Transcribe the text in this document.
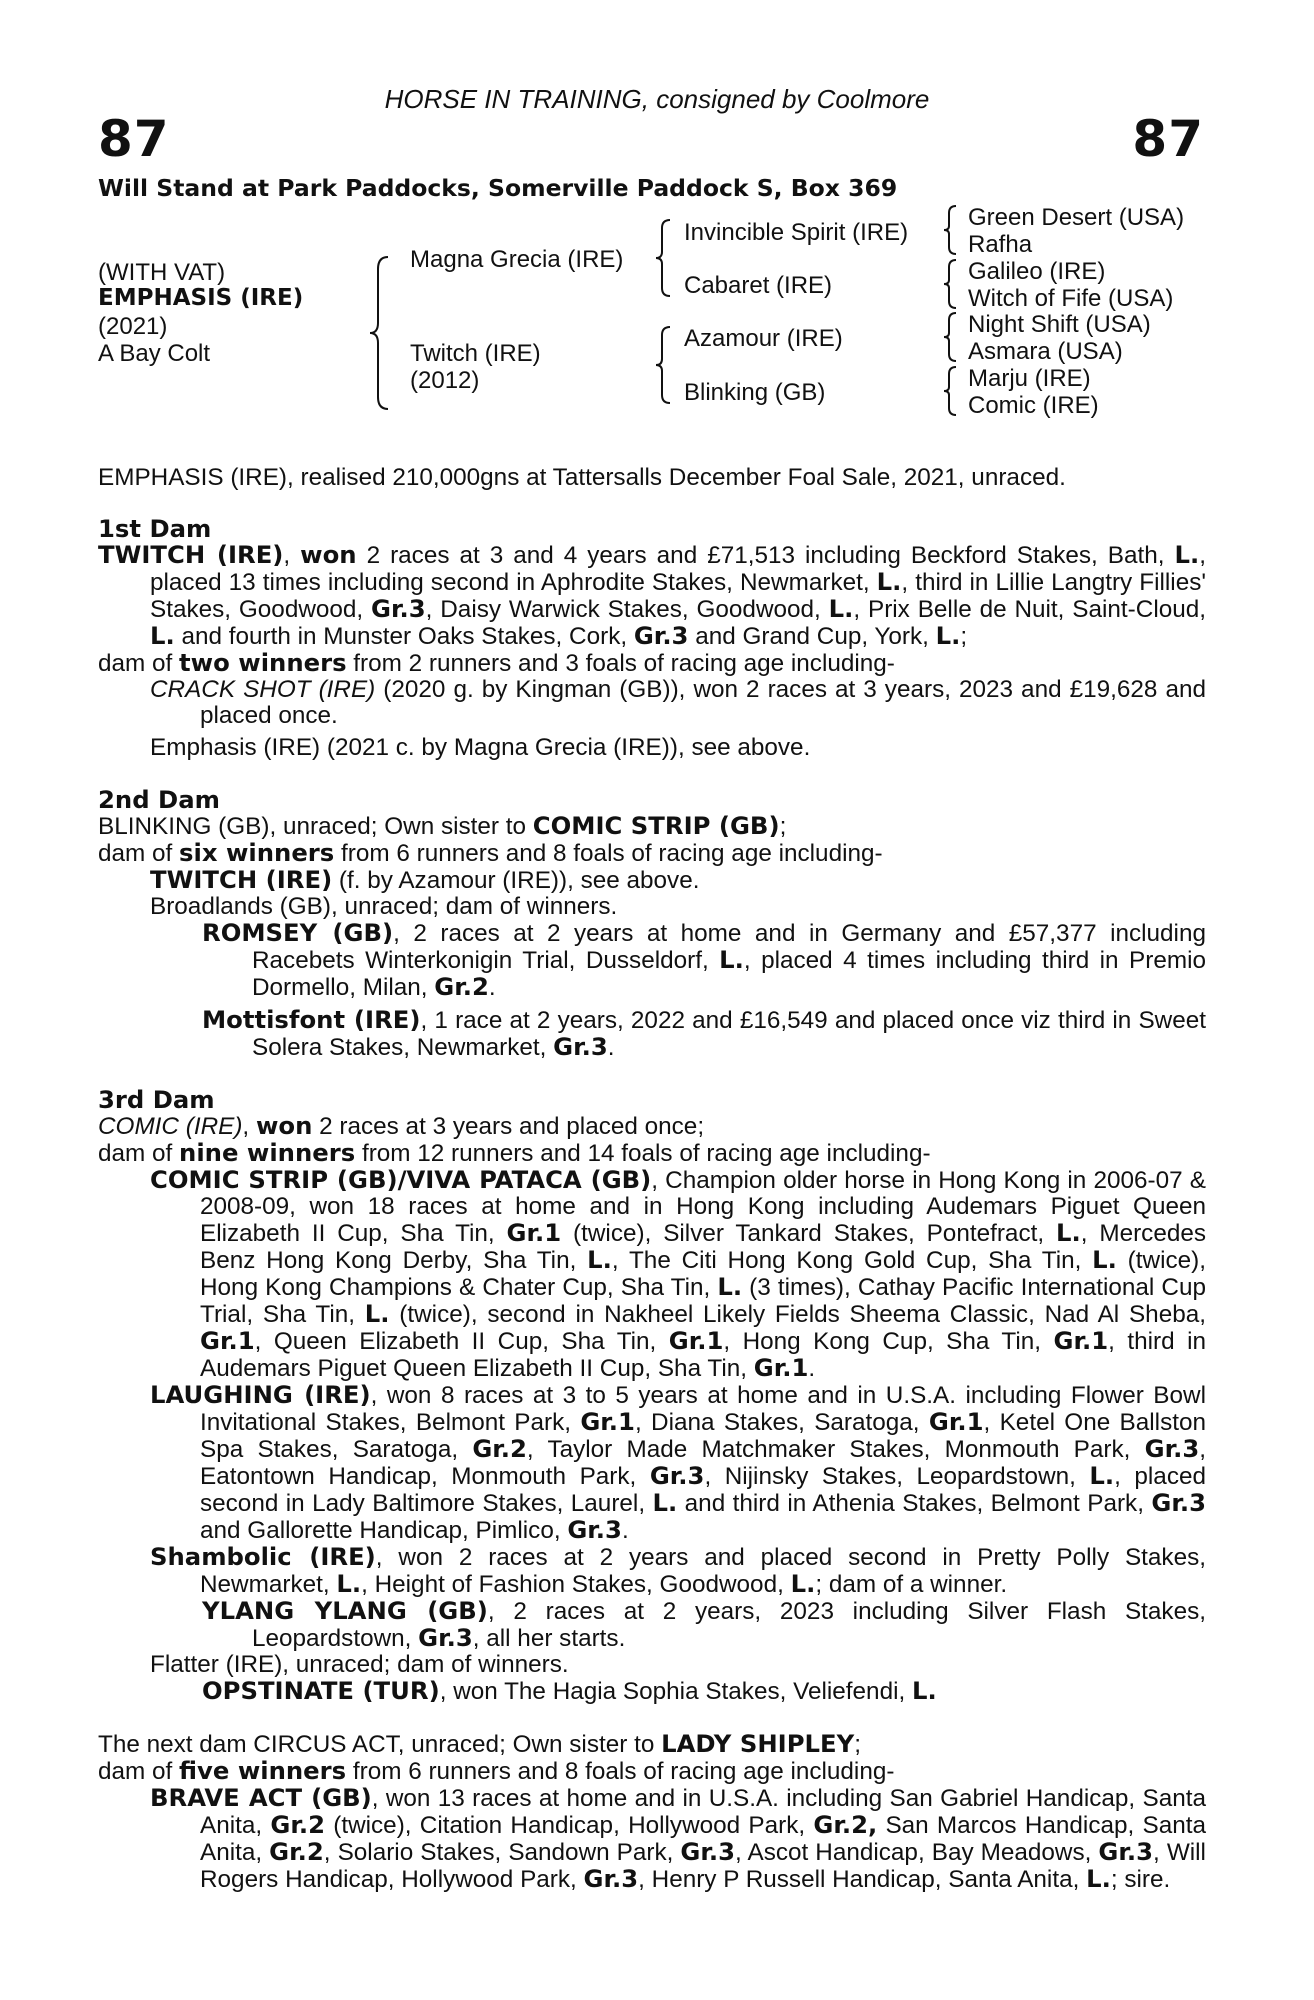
HORSE IN TRAINING, consigned by Coolmore
87	87
Will Stand at Park Paddocks, Somerville Paddock S, Box 369
(WITH VAT)
EMPHASIS (IRE)
(2021)
A Bay Colt
Magna Grecia (IRE)
Twitch (IRE)
(2012)
Invincible Spirit (IRE)
Cabaret (IRE)
Azamour (IRE)
Blinking (GB)
Green Desert (USA)
Rafha
Galileo (IRE)
Witch of Fife (USA)
Night Shift (USA)
Asmara (USA)
Marju (IRE)
Comic (IRE)

EMPHASIS (IRE), realised 210,000gns at Tattersalls December Foal Sale, 2021, unraced.

1st Dam

TWITCH (IRE), won 2 races at 3 and 4 years and £71,513 including Beckford Stakes, Bath, L., placed 13 times including second in Aphrodite Stakes, Newmarket, L., third in Lillie Langtry Fillies' Stakes, Goodwood, Gr.3, Daisy Warwick Stakes, Goodwood, L., Prix Belle de Nuit, Saint-Cloud, L. and fourth in Munster Oaks Stakes, Cork, Gr.3 and Grand Cup, York, L.;

dam of two winners from 2 runners and 3 foals of racing age including-

CRACK SHOT (IRE) (2020 g. by Kingman (GB)), won 2 races at 3 years, 2023 and £19,628 and placed once.

Emphasis (IRE) (2021 c. by Magna Grecia (IRE)), see above.

2nd Dam

BLINKING (GB), unraced; Own sister to COMIC STRIP (GB);

dam of six winners from 6 runners and 8 foals of racing age including-

TWITCH (IRE) (f. by Azamour (IRE)), see above.

Broadlands (GB), unraced; dam of winners.

ROMSEY (GB), 2 races at 2 years at home and in Germany and £57,377 including Racebets Winterkonigin Trial, Dusseldorf, L., placed 4 times including third in Premio Dormello, Milan, Gr.2.

Mottisfont (IRE), 1 race at 2 years, 2022 and £16,549 and placed once viz third in Sweet Solera Stakes, Newmarket, Gr.3.

3rd Dam

COMIC (IRE), won 2 races at 3 years and placed once;

dam of nine winners from 12 runners and 14 foals of racing age including-

COMIC STRIP (GB)/VIVA PATACA (GB), Champion older horse in Hong Kong in 2006-07 & 2008-09, won 18 races at home and in Hong Kong including Audemars Piguet Queen Elizabeth II Cup, Sha Tin, Gr.1 (twice), Silver Tankard Stakes, Pontefract, L., Mercedes Benz Hong Kong Derby, Sha Tin, L., The Citi Hong Kong Gold Cup, Sha Tin, L. (twice), Hong Kong Champions & Chater Cup, Sha Tin, L. (3 times), Cathay Pacific International Cup Trial, Sha Tin, L. (twice), second in Nakheel Likely Fields Sheema Classic, Nad Al Sheba, Gr.1, Queen Elizabeth II Cup, Sha Tin, Gr.1, Hong Kong Cup, Sha Tin, Gr.1, third in Audemars Piguet Queen Elizabeth II Cup, Sha Tin, Gr.1.

LAUGHING (IRE), won 8 races at 3 to 5 years at home and in U.S.A. including Flower Bowl Invitational Stakes, Belmont Park, Gr.1, Diana Stakes, Saratoga, Gr.1, Ketel One Ballston Spa Stakes, Saratoga, Gr.2, Taylor Made Matchmaker Stakes, Monmouth Park, Gr.3, Eatontown Handicap, Monmouth Park, Gr.3, Nijinsky Stakes, Leopardstown, L., placed second in Lady Baltimore Stakes, Laurel, L. and third in Athenia Stakes, Belmont Park, Gr.3 and Gallorette Handicap, Pimlico, Gr.3.

Shambolic (IRE), won 2 races at 2 years and placed second in Pretty Polly Stakes, Newmarket, L., Height of Fashion Stakes, Goodwood, L.; dam of a winner.

YLANG YLANG (GB), 2 races at 2 years, 2023 including Silver Flash Stakes, Leopardstown, Gr.3, all her starts.

Flatter (IRE), unraced; dam of winners.

OPSTINATE (TUR), won The Hagia Sophia Stakes, Veliefendi, L.

The next dam CIRCUS ACT, unraced; Own sister to LADY SHIPLEY;

dam of five winners from 6 runners and 8 foals of racing age including-

BRAVE ACT (GB), won 13 races at home and in U.S.A. including San Gabriel Handicap, Santa Anita, Gr.2 (twice), Citation Handicap, Hollywood Park, Gr.2, San Marcos Handicap, Santa Anita, Gr.2, Solario Stakes, Sandown Park, Gr.3, Ascot Handicap, Bay Meadows, Gr.3, Will Rogers Handicap, Hollywood Park, Gr.3, Henry P Russell Handicap, Santa Anita, L.; sire.
